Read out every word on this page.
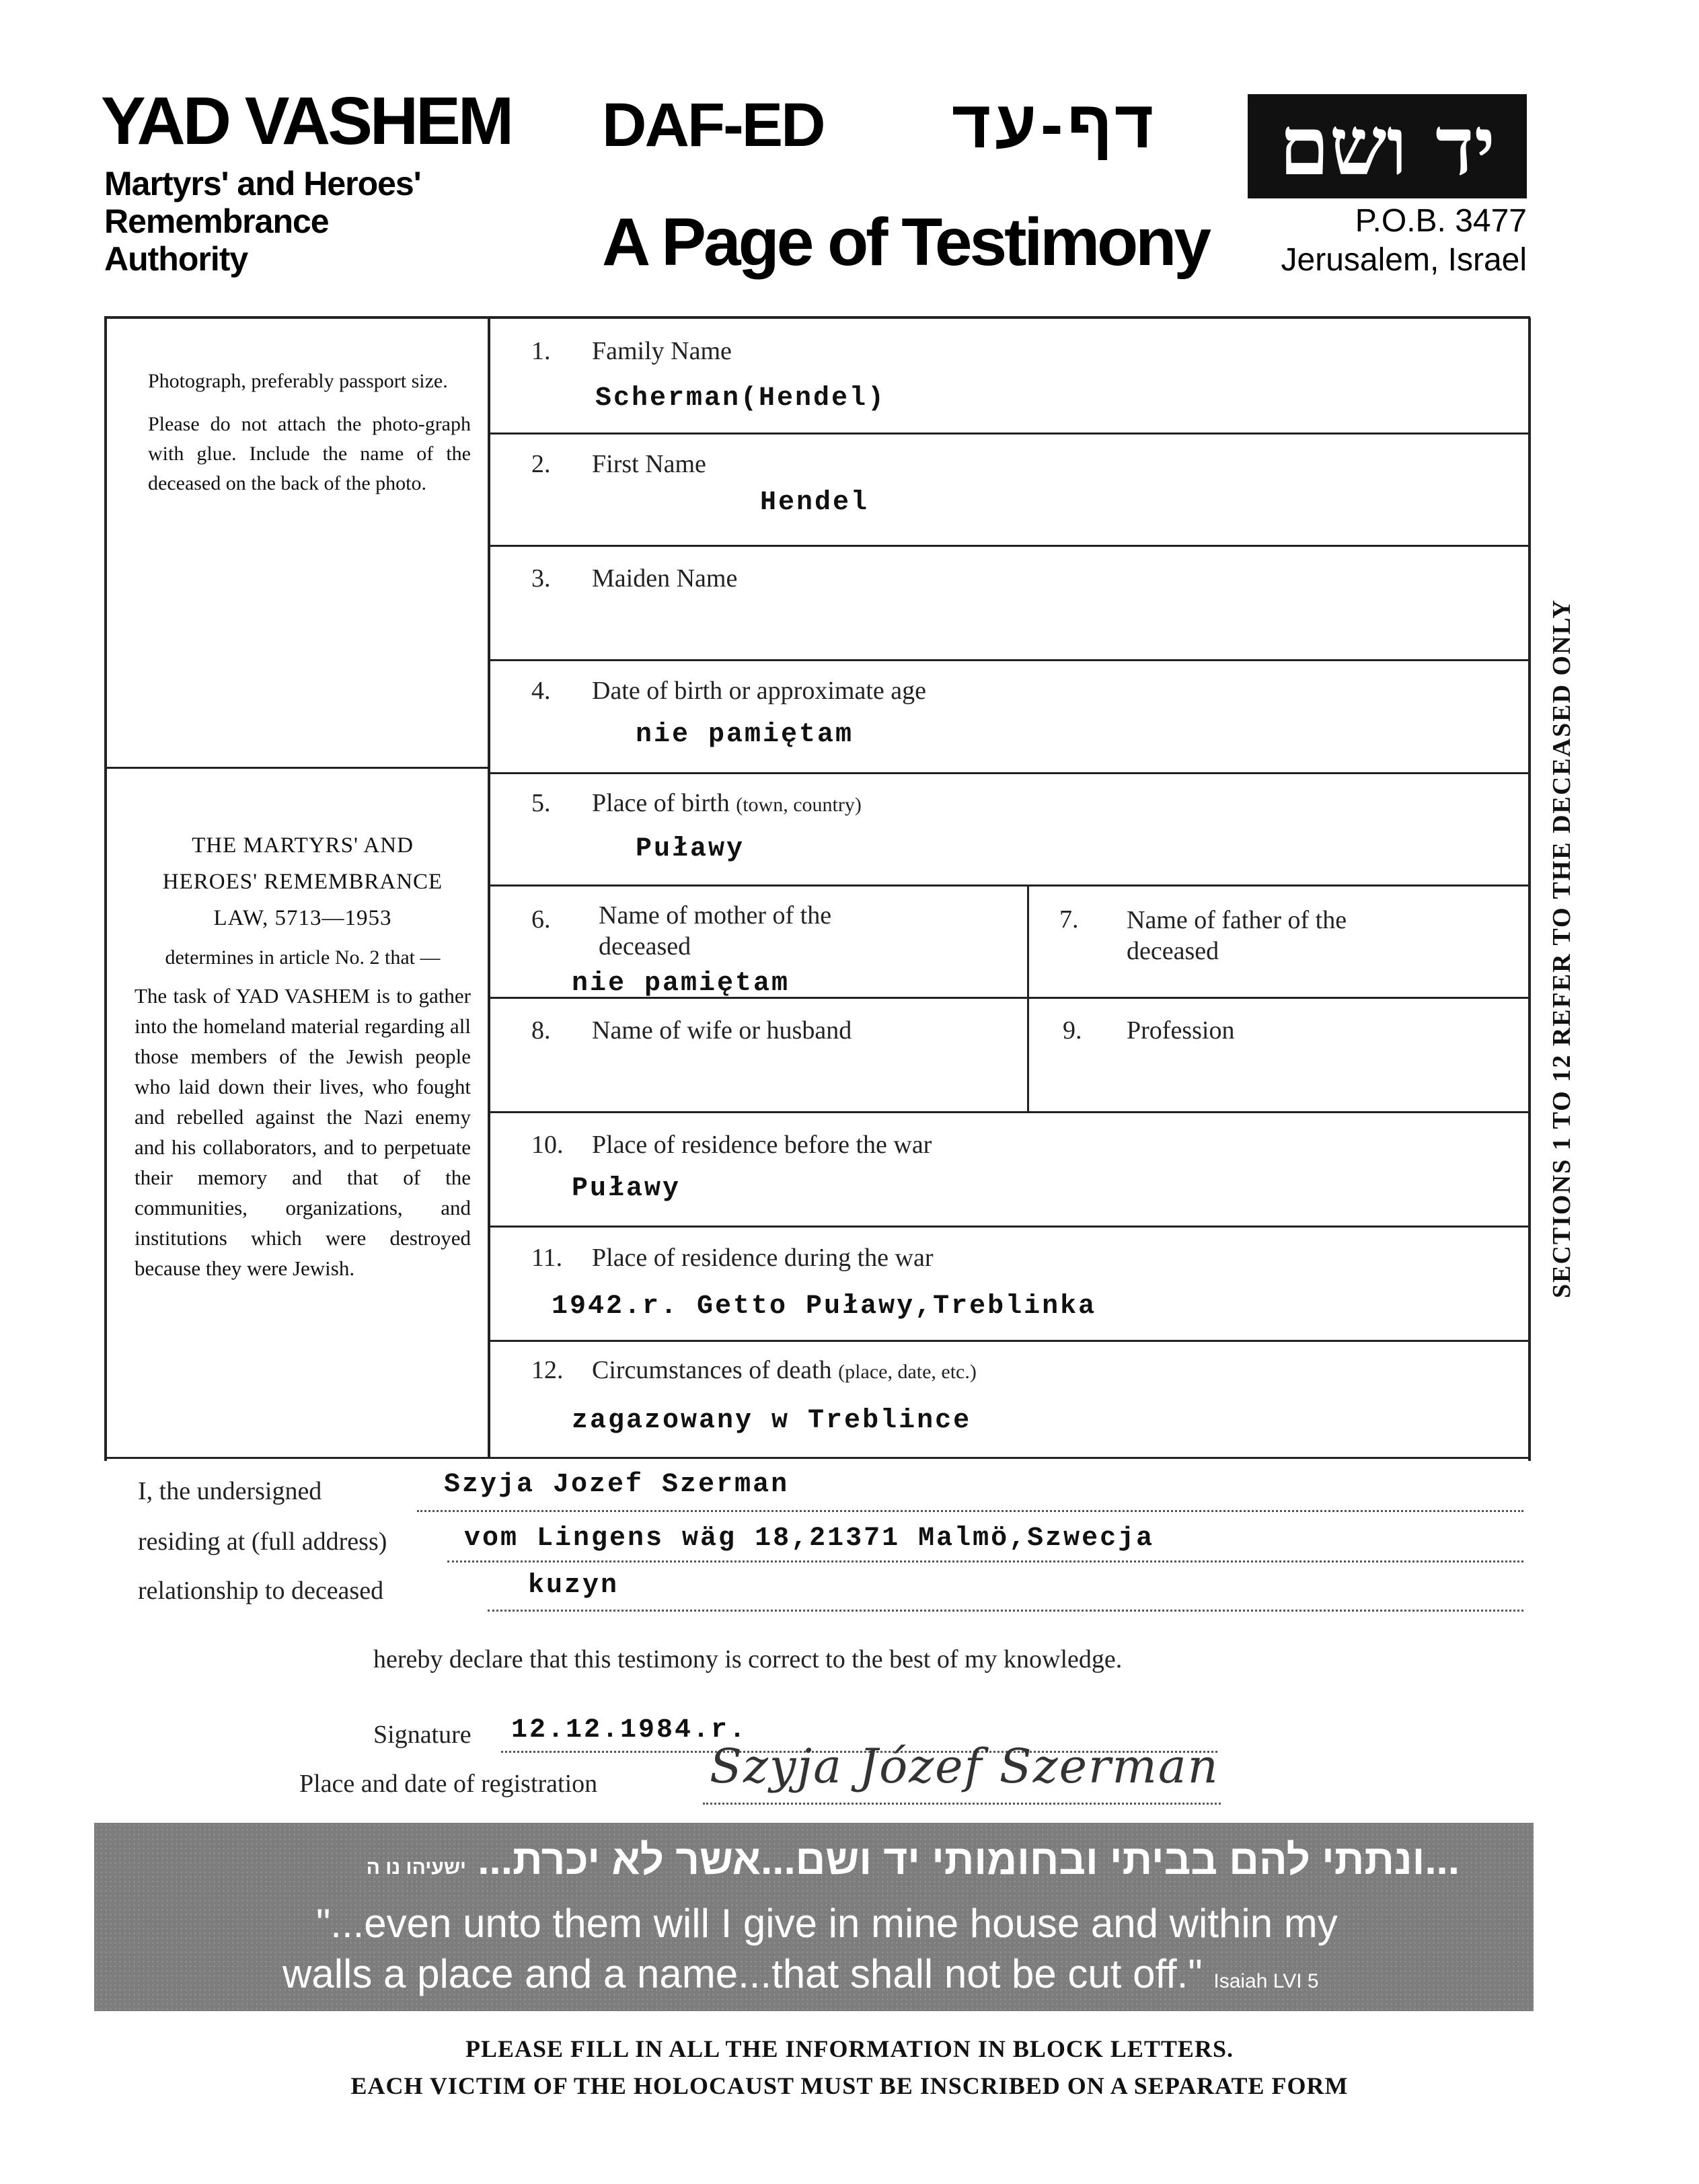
YAD VASHEM
Martyrs' and Heroes'
Remembrance
Authority
DAF-ED דף-עד
A Page of Testimony
יד ושם
P.O.B. 3477
Jerusalem, Israel
Photograph, preferably passport size.
Please do not attach the photo-graph with glue. Include the name of the deceased on the back of the photo.
THE MARTYRS' AND
HEROES' REMEMBRANCE
LAW, 5713—1953
determines in article No. 2 that —
The task of YAD VASHEM is to gather into the homeland material regarding all those members of the Jewish people who laid down their lives, who fought and rebelled against the Nazi enemy and his collaborators, and to perpetuate their memory and that of the communities, organizations, and institutions which were destroyed because they were Jewish.
1. Family Name
Scherman(Hendel)
2. First Name
Hendel
3. Maiden Name
4. Date of birth or approximate age
nie pamiętam
5. Place of birth (town, country)
Puławy
6. Name of mother of the
deceased
nie pamiętam
7. Name of father of the
deceased
8. Name of wife or husband	9. Profession
10. Place of residence before the war
Puławy
11. Place of residence during the war
1942.r. Getto Puławy,Treblinka
12. Circumstances of death (place, date, etc.)
zagazowany w Treblince
SECTIONS 1 TO 12 REFER TO THE DECEASED ONLY
I, the undersigned	Szyja Jozef Szerman
residing at (full address)	vom Lingens wäg 18,21371 Malmö,Szwecja
relationship to deceased	kuzyn
hereby declare that this testimony is correct to the best of my knowledge.
Signature 12.12.1984.r.
Place and date of registration Szyja Józef Szerman
...ונתתי להם בביתי ובחומותי יד ושם...אשר לא יכרת... ישעיהו נו ה
"...even unto them will I give in mine house and within my
walls a place and a name...that shall not be cut off." Isaiah LVI 5
PLEASE FILL IN ALL THE INFORMATION IN BLOCK LETTERS.
EACH VICTIM OF THE HOLOCAUST MUST BE INSCRIBED ON A SEPARATE FORM
